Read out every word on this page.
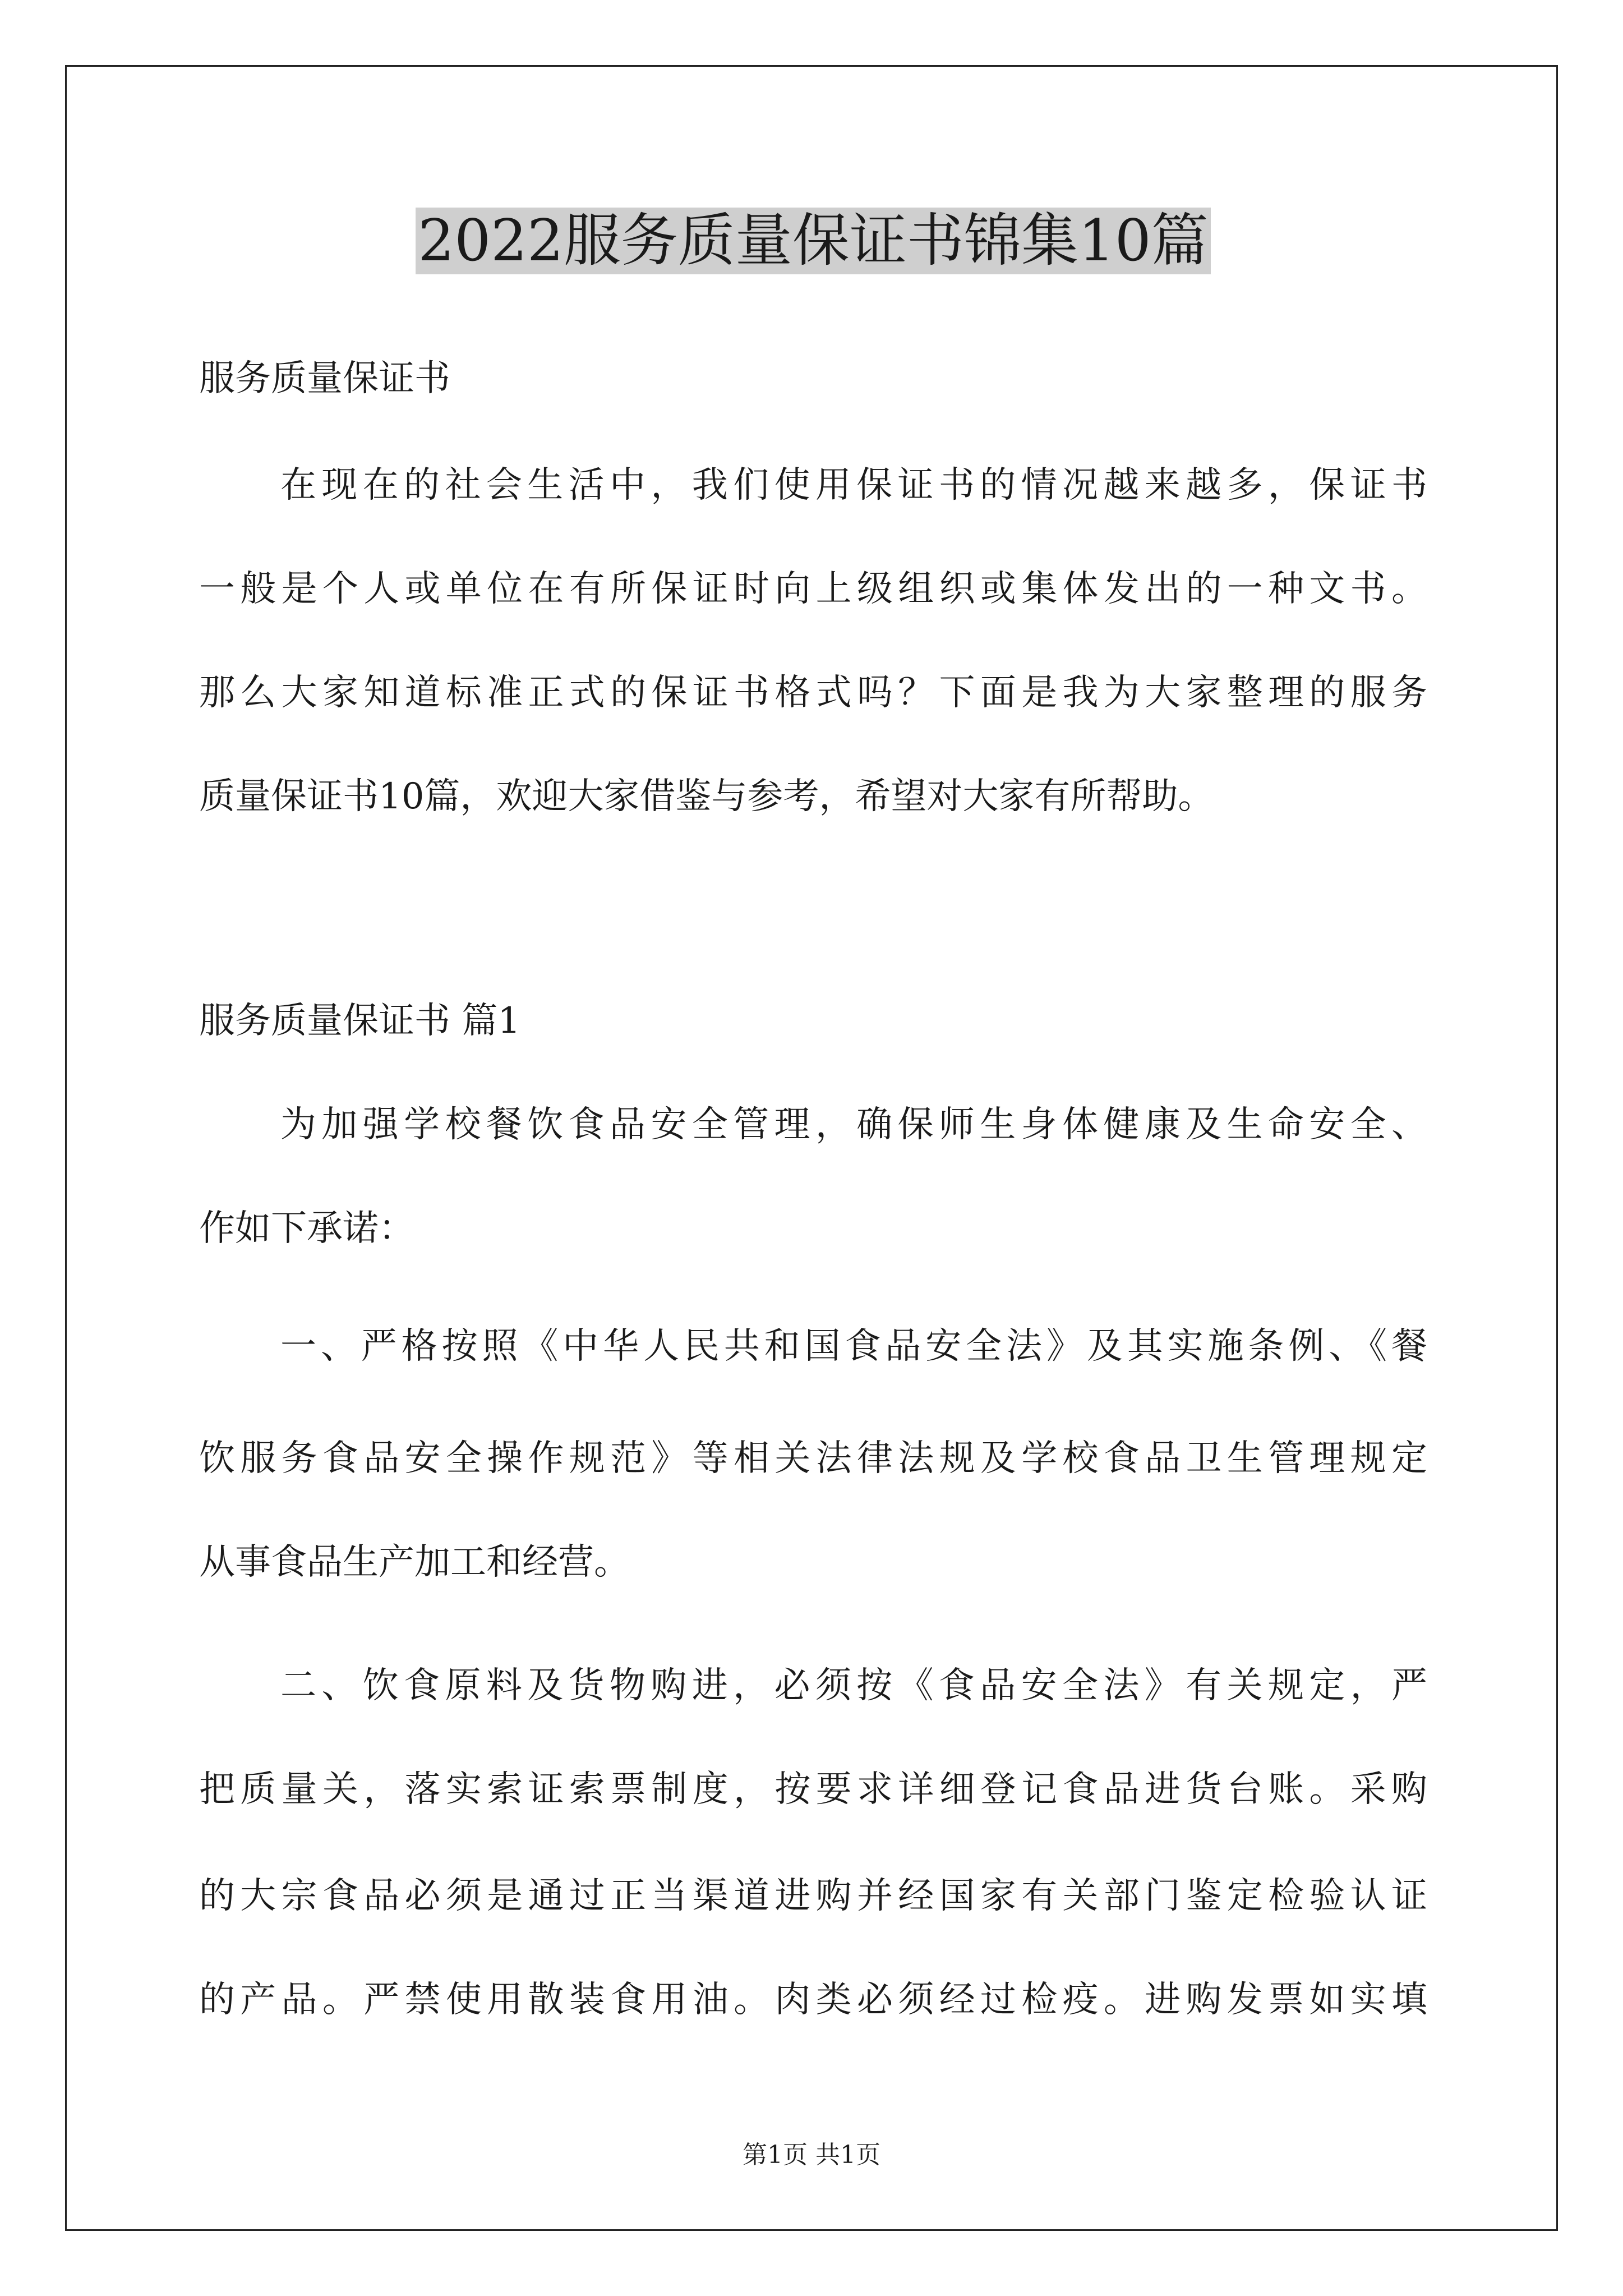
2022服务质量保证书锦集10篇
服务质量保证书
在现在的社会生活中，我们使用保证书的情况越来越多，保证书
一般是个人或单位在有所保证时向上级组织或集体发出的一种文书。
那么大家知道标准正式的保证书格式吗？下面是我为大家整理的服务
质量保证书10篇，欢迎大家借鉴与参考，希望对大家有所帮助。
服务质量保证书 篇1
为加强学校餐饮食品安全管理，确保师生身体健康及生命安全、
作如下承诺：
一、严格按照《中华人民共和国食品安全法》及其实施条例、《餐
饮服务食品安全操作规范》等相关法律法规及学校食品卫生管理规定
从事食品生产加工和经营。
二、饮食原料及货物购进，必须按《食品安全法》有关规定，严
把质量关，落实索证索票制度，按要求详细登记食品进货台账。采购
的大宗食品必须是通过正当渠道进购并经国家有关部门鉴定检验认证
的产品。严禁使用散装食用油。肉类必须经过检疫。进购发票如实填
第1页 共1页
